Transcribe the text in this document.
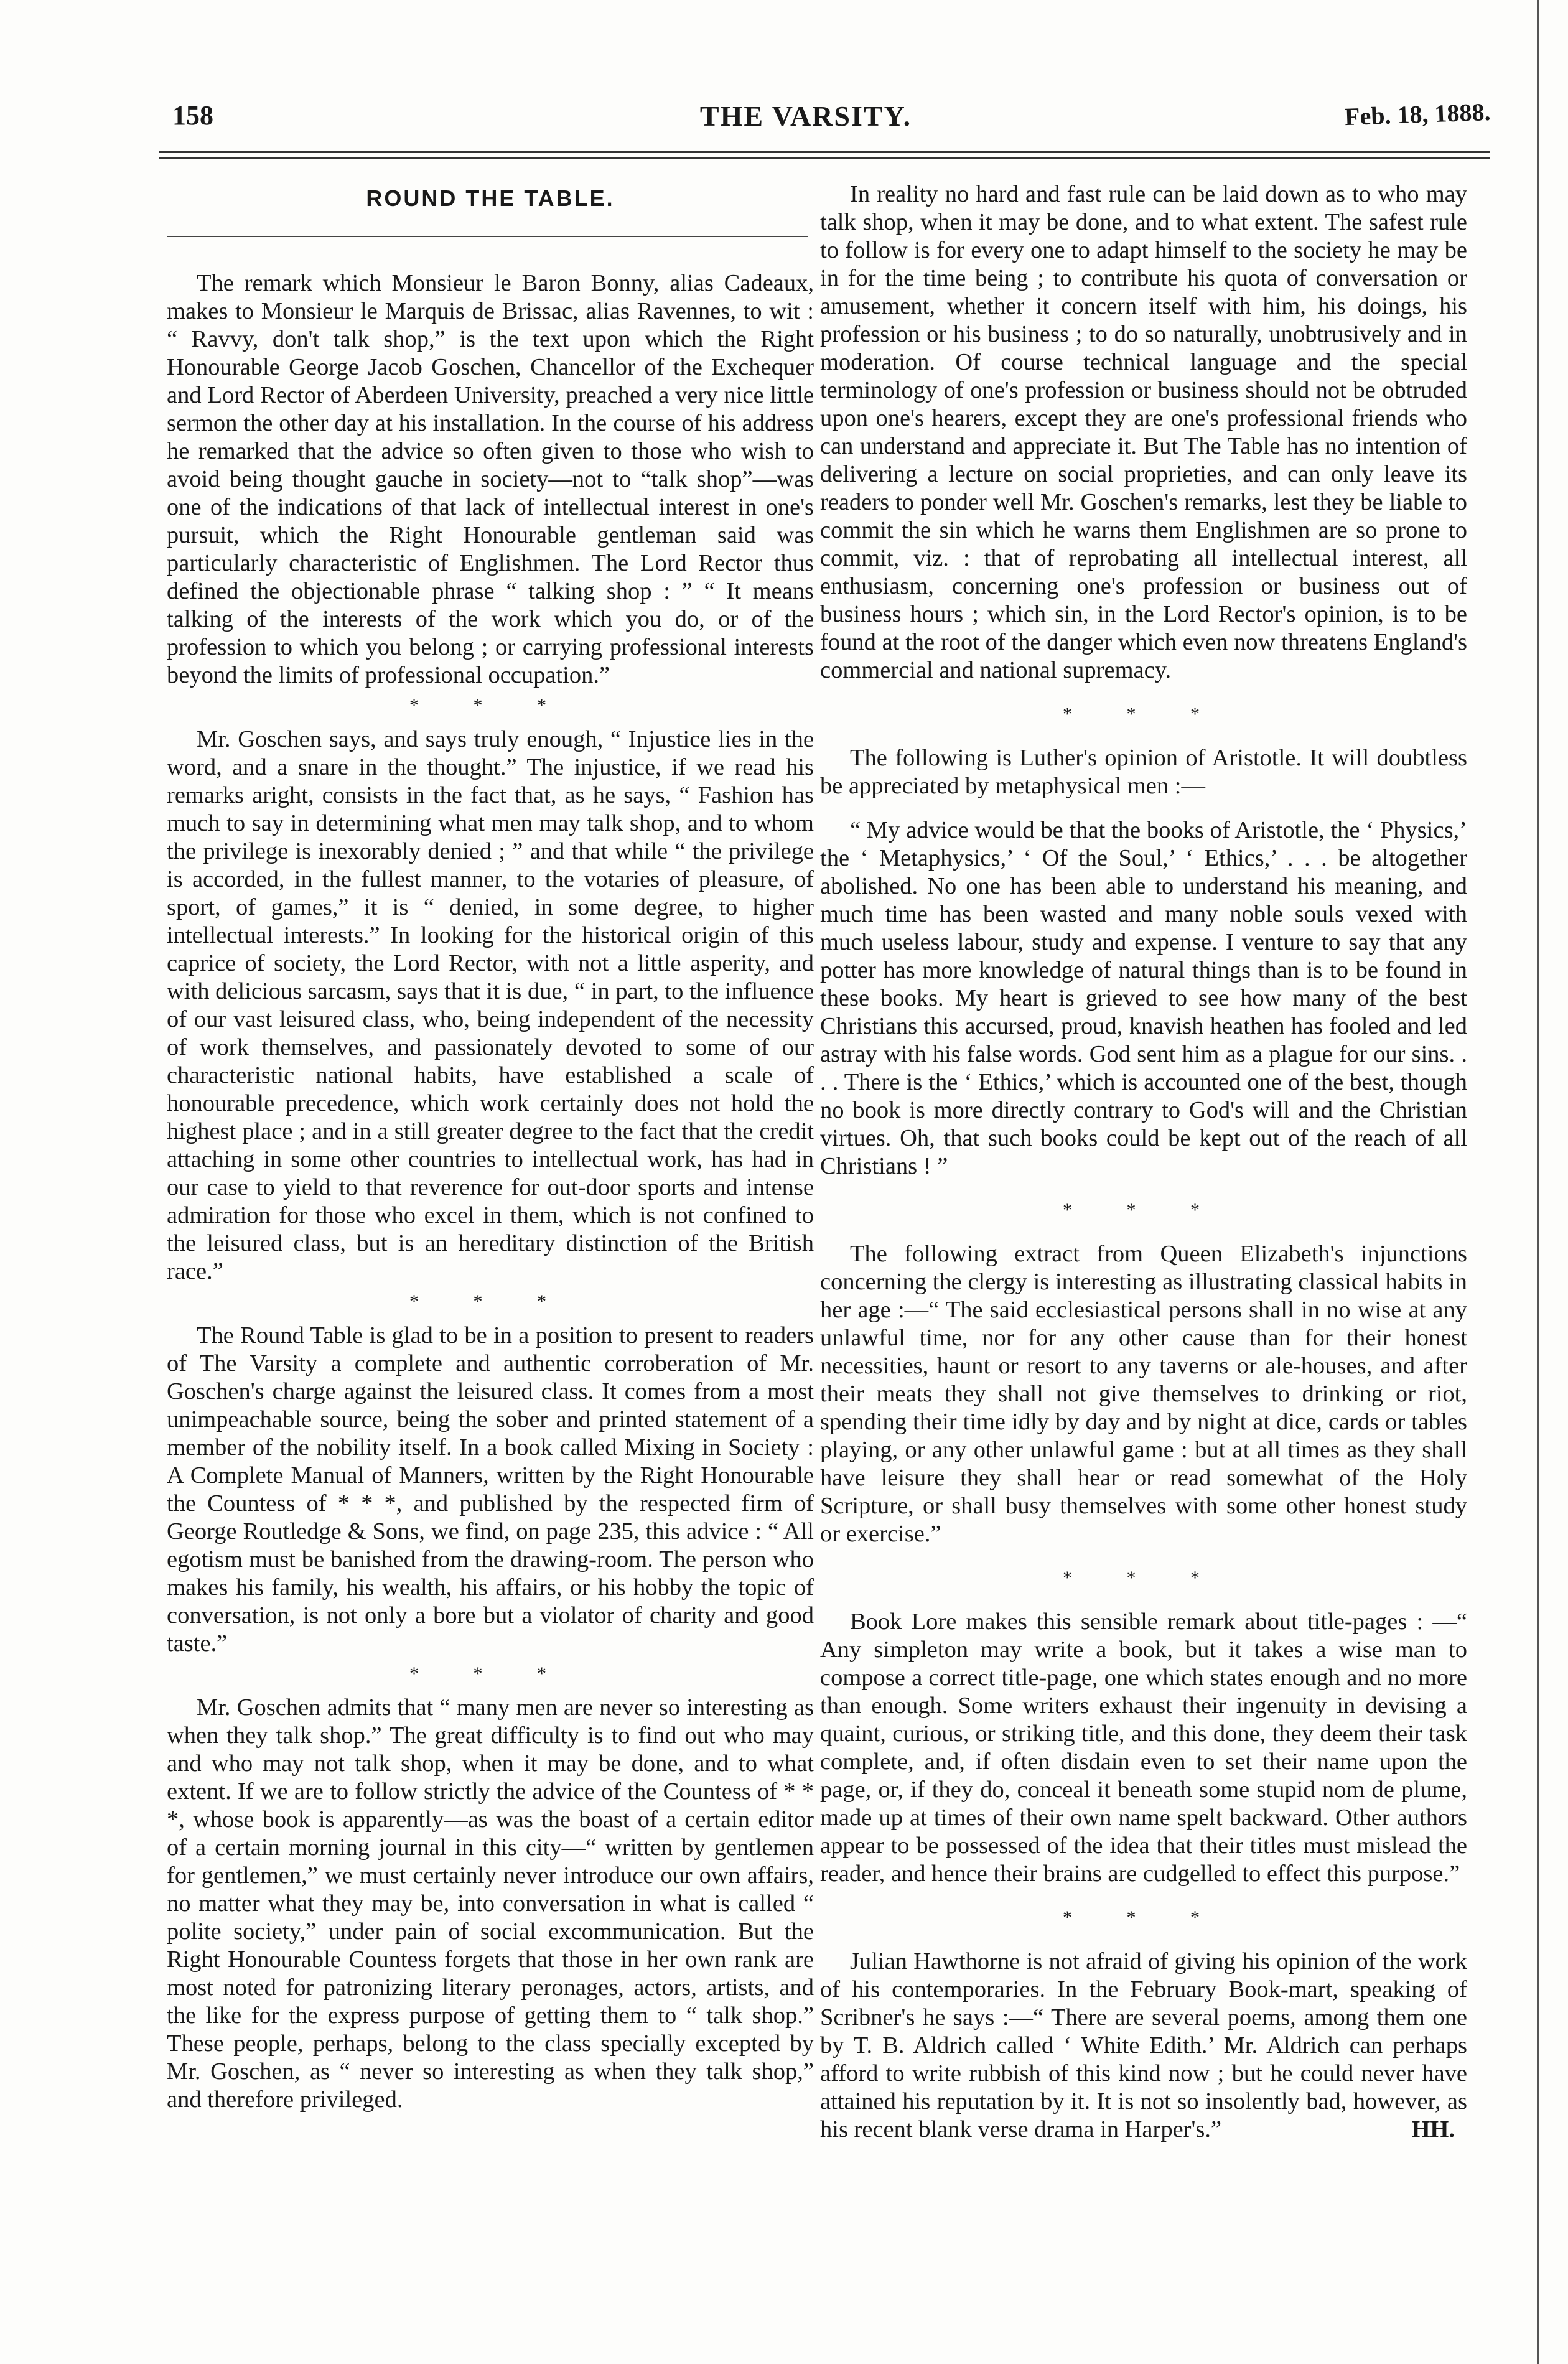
158	THE VARSITY.	Feb. 18, 1888.
ROUND THE TABLE.

The remark which Monsieur le Baron Bonny, alias Cadeaux, makes to Monsieur le Marquis de Brissac, alias Ravennes, to wit : “ Ravvy, don't talk shop,” is the text upon which the Right Honourable George Jacob Goschen, Chancellor of the Exchequer and Lord Rector of Aberdeen University, preached a very nice little sermon the other day at his installation. In the course of his address he remarked that the advice so often given to those who wish to avoid being thought gauche in society—not to “talk shop”—was one of the indications of that lack of intellectual interest in one's pursuit, which the Right Honourable gentleman said was particularly characteristic of Englishmen. The Lord Rector thus defined the objectionable phrase “ talking shop : ” “ It means talking of the interests of the work which you do, or of the profession to which you belong ; or carrying professional interests beyond the limits of professional occupation.”

* * *

Mr. Goschen says, and says truly enough, “ Injustice lies in the word, and a snare in the thought.” The injustice, if we read his remarks aright, consists in the fact that, as he says, “ Fashion has much to say in determining what men may talk shop, and to whom the privilege is inexorably denied ; ” and that while “ the privilege is accorded, in the fullest manner, to the votaries of pleasure, of sport, of games,” it is “ denied, in some degree, to higher intellectual interests.” In looking for the historical origin of this caprice of society, the Lord Rector, with not a little asperity, and with delicious sarcasm, says that it is due, “ in part, to the influence of our vast leisured class, who, being independent of the necessity of work themselves, and passionately devoted to some of our characteristic national habits, have established a scale of honourable precedence, which work certainly does not hold the highest place ; and in a still greater degree to the fact that the credit attaching in some other countries to intellectual work, has had in our case to yield to that reverence for out-door sports and intense admiration for those who excel in them, which is not confined to the leisured class, but is an hereditary distinction of the British race.”

* * *

The Round Table is glad to be in a position to present to readers of The Varsity a complete and authentic corroberation of Mr. Goschen's charge against the leisured class. It comes from a most unimpeachable source, being the sober and printed statement of a member of the nobility itself. In a book called Mixing in Society : A Complete Manual of Manners, written by the Right Honourable the Countess of * * *, and published by the respected firm of George Routledge & Sons, we find, on page 235, this advice : “ All egotism must be banished from the drawing-room. The person who makes his family, his wealth, his affairs, or his hobby the topic of conversation, is not only a bore but a violator of charity and good taste.”

* * *

Mr. Goschen admits that “ many men are never so interesting as when they talk shop.” The great difficulty is to find out who may and who may not talk shop, when it may be done, and to what extent. If we are to follow strictly the advice of the Countess of * * *, whose book is apparently—as was the boast of a certain editor of a certain morning journal in this city—“ written by gentlemen for gentlemen,” we must certainly never introduce our own affairs, no matter what they may be, into conversation in what is called “ polite society,” under pain of social excommunication. But the Right Honourable Countess forgets that those in her own rank are most noted for patronizing literary peronages, actors, artists, and the like for the express purpose of getting them to “ talk shop.” These people, perhaps, belong to the class specially excepted by Mr. Goschen, as “ never so interesting as when they talk shop,” and therefore privileged.

In reality no hard and fast rule can be laid down as to who may talk shop, when it may be done, and to what extent. The safest rule to follow is for every one to adapt himself to the society he may be in for the time being ; to contribute his quota of conversation or amusement, whether it concern itself with him, his doings, his profession or his business ; to do so naturally, unobtrusively and in moderation. Of course technical language and the special terminology of one's profession or business should not be obtruded upon one's hearers, except they are one's professional friends who can understand and appreciate it. But The Table has no intention of delivering a lecture on social proprieties, and can only leave its readers to ponder well Mr. Goschen's remarks, lest they be liable to commit the sin which he warns them Englishmen are so prone to commit, viz. : that of reprobating all intellectual interest, all enthusiasm, concerning one's profession or business out of business hours ; which sin, in the Lord Rector's opinion, is to be found at the root of the danger which even now threatens England's commercial and national supremacy.

* * *

The following is Luther's opinion of Aristotle. It will doubtless be appreciated by metaphysical men :—

“ My advice would be that the books of Aristotle, the ‘ Physics,’ the ‘ Metaphysics,’ ‘ Of the Soul,’ ‘ Ethics,’ . . . be altogether abolished. No one has been able to understand his meaning, and much time has been wasted and many noble souls vexed with much useless labour, study and expense. I venture to say that any potter has more knowledge of natural things than is to be found in these books. My heart is grieved to see how many of the best Christians this accursed, proud, knavish heathen has fooled and led astray with his false words. God sent him as a plague for our sins. . . . There is the ‘ Ethics,’ which is accounted one of the best, though no book is more directly contrary to God's will and the Christian virtues. Oh, that such books could be kept out of the reach of all Christians ! ”

* * *

The following extract from Queen Elizabeth's injunctions concerning the clergy is interesting as illustrating classical habits in her age :—“ The said ecclesiastical persons shall in no wise at any unlawful time, nor for any other cause than for their honest necessities, haunt or resort to any taverns or ale-houses, and after their meats they shall not give themselves to drinking or riot, spending their time idly by day and by night at dice, cards or tables playing, or any other unlawful game : but at all times as they shall have leisure they shall hear or read somewhat of the Holy Scripture, or shall busy themselves with some other honest study or exercise.”

* * *

Book Lore makes this sensible remark about title-pages : —“ Any simpleton may write a book, but it takes a wise man to compose a correct title-page, one which states enough and no more than enough. Some writers exhaust their ingenuity in devising a quaint, curious, or striking title, and this done, they deem their task complete, and, if often disdain even to set their name upon the page, or, if they do, conceal it beneath some stupid nom de plume, made up at times of their own name spelt backward. Other authors appear to be possessed of the idea that their titles must mislead the reader, and hence their brains are cudgelled to effect this purpose.”

* * *

Julian Hawthorne is not afraid of giving his opinion of the work of his contemporaries. In the February Book-mart, speaking of Scribner's he says :—“ There are several poems, among them one by T. B. Aldrich called ‘ White Edith.’ Mr. Aldrich can perhaps afford to write rubbish of this kind now ; but he could never have attained his reputation by it. It is not so insolently bad, however, as his recent blank verse drama in Harper's.”	HH.
